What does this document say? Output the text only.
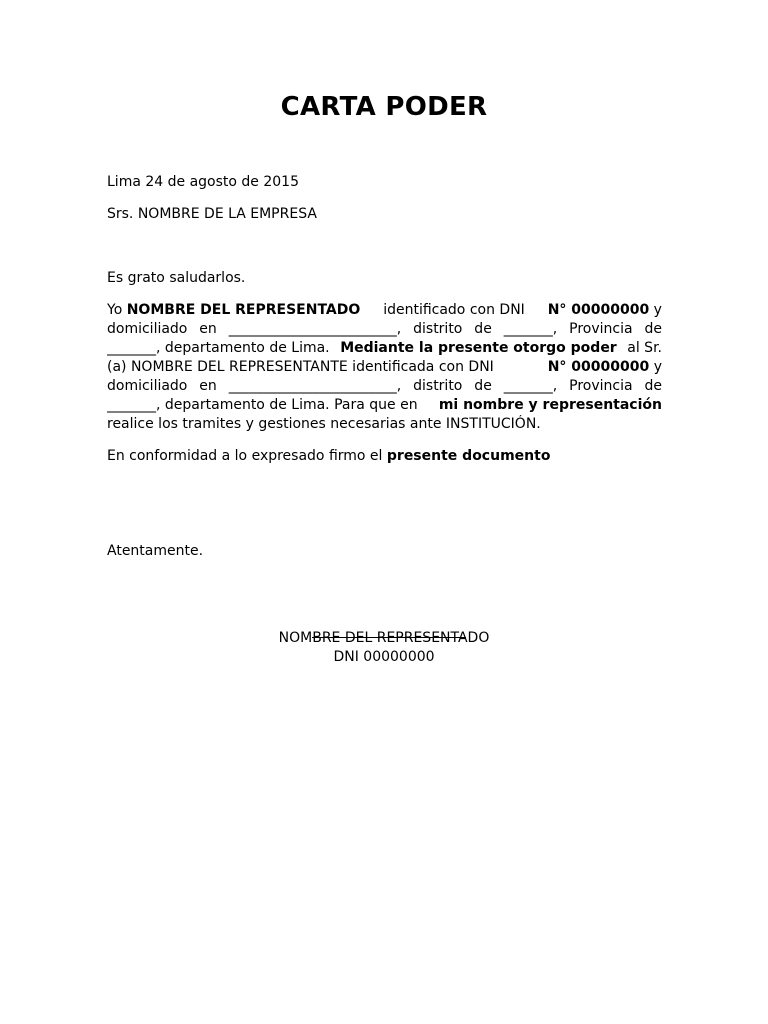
CARTA PODER

Lima 24 de agosto de 2015

Srs. NOMBRE DE LA EMPRESA

Es grato saludarlos.

Yo NOMBRE DEL REPRESENTADO identificado con DNI N° 00000000 y
domiciliado en ________________________, distrito de _______, Provincia de
_______, departamento de Lima. Mediante la presente otorgo poder al Sr.
(a) NOMBRE DEL REPRESENTANTE identificada con DNI	N° 00000000 y
domiciliado en ________________________, distrito de _______, Provincia de
_______, departamento de Lima. Para que en mi nombre y representación
realice los tramites y gestiones necesarias ante INSTITUCIÓN.

En conformidad a lo expresado firmo el presente documento

Atentamente.

NOMBRE DEL REPRESENTADO

DNI 00000000
